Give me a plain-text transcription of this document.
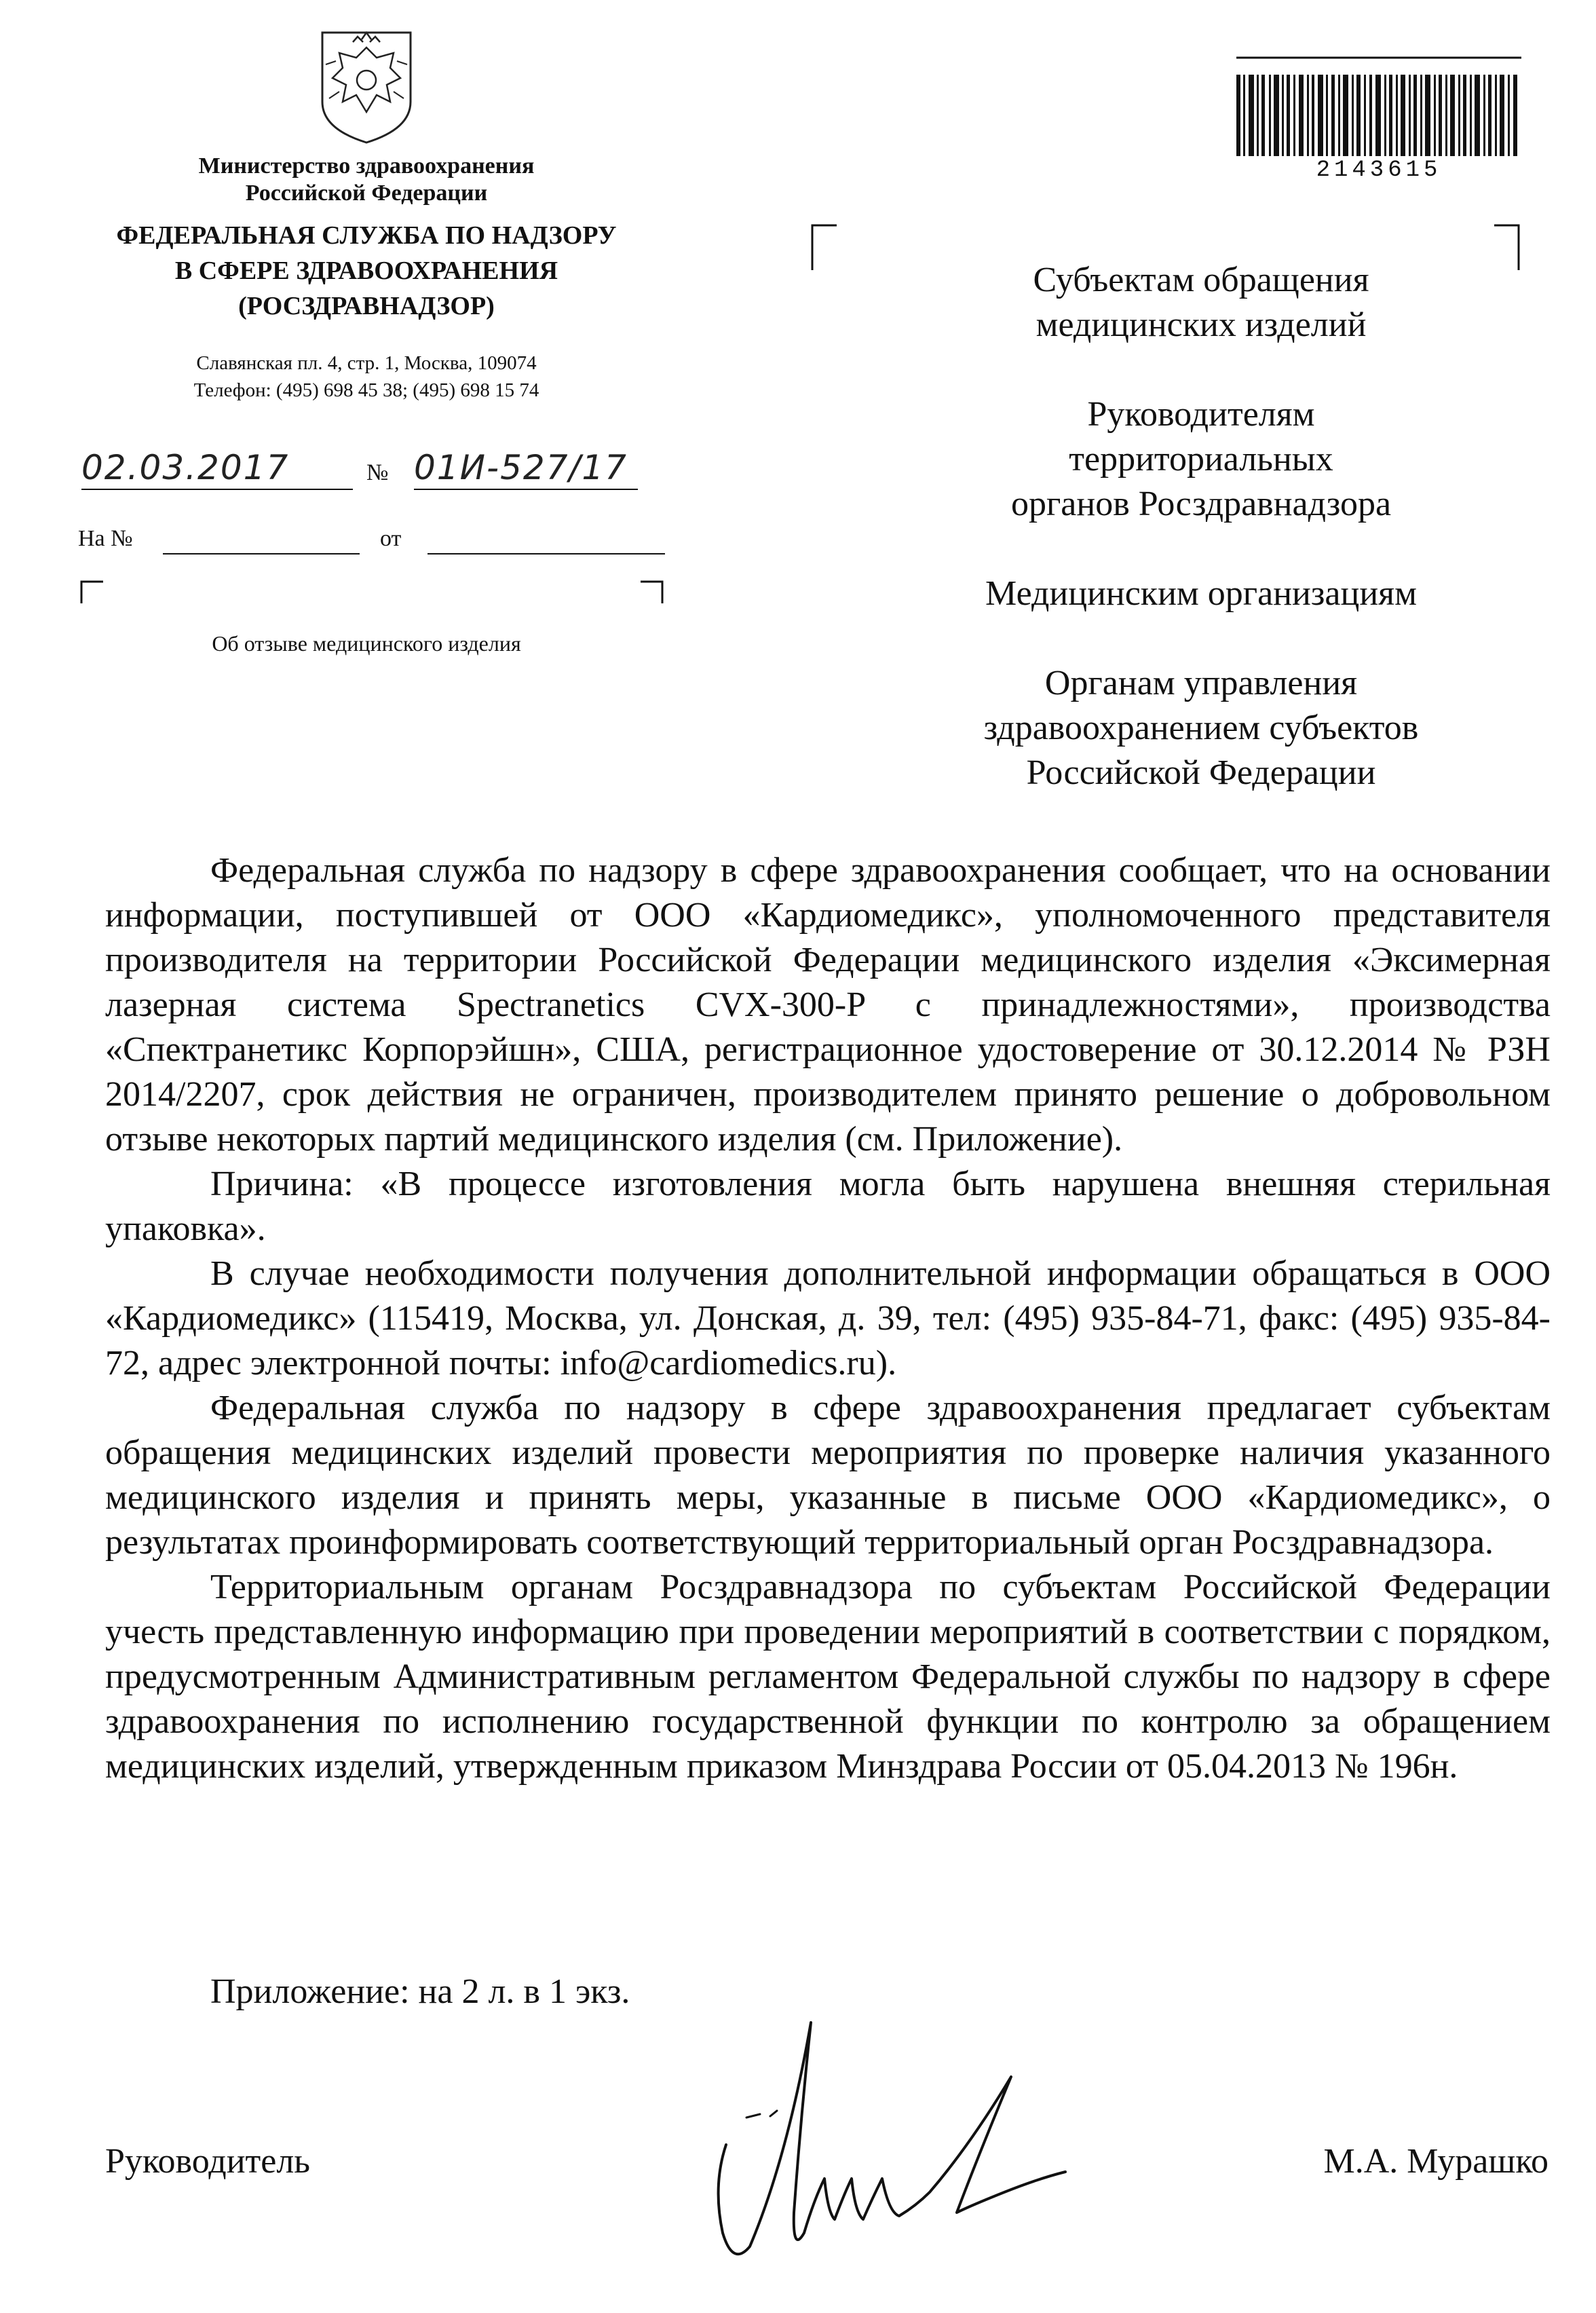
Министерство здравоохранения
Российской Федерации
ФЕДЕРАЛЬНАЯ СЛУЖБА ПО НАДЗОРУ
В СФЕРЕ ЗДРАВООХРАНЕНИЯ
(РОСЗДРАВНАДЗОР)
Славянская пл. 4, стр. 1, Москва, 109074
Телефон: (495) 698 45 38; (495) 698 15 74
02.03.2017	№ 01И-527/17
На №	от
Об отзыве медицинского изделия
2143615

Субъектам обращения
медицинских изделий

Руководителям
территориальных
органов Росздравнадзора

Медицинским организациям

Органам управления
здравоохранением субъектов
Российской Федерации

Федеральная служба по надзору в сфере здравоохранения сообщает, что на основании информации, поступившей от ООО «Кардиомедикс», уполномоченного представителя производителя на территории Российской Федерации медицинского изделия «Эксимерная лазерная система Spectranetics CVX-300-P с принадлежностями», производства «Спектранетикс Корпорэйшн», США, регистрационное удостоверение от 30.12.2014 № РЗН 2014/2207, срок действия не ограничен, производителем принято решение о добровольном отзыве некоторых партий медицинского изделия (см. Приложение).

Причина: «В процессе изготовления могла быть нарушена внешняя стерильная упаковка».

В случае необходимости получения дополнительной информации обращаться в ООО «Кардиомедикс» (115419, Москва, ул. Донская, д. 39, тел: (495) 935-84-71, факс: (495) 935-84-72, адрес электронной почты: info@cardiomedics.ru).

Федеральная служба по надзору в сфере здравоохранения предлагает субъектам обращения медицинских изделий провести мероприятия по проверке наличия указанного медицинского изделия и принять меры, указанные в письме ООО «Кардиомедикс», о результатах проинформировать соответствующий территориальный орган Росздравнадзора.

Территориальным органам Росздравнадзора по субъектам Российской Федерации учесть представленную информацию при проведении мероприятий в соответствии с порядком, предусмотренным Административным регламентом Федеральной службы по надзору в сфере здравоохранения по исполнению государственной функции по контролю за обращением медицинских изделий, утвержденным приказом Минздрава России от 05.04.2013 № 196н.

Приложение: на 2 л. в 1 экз.
Руководитель	М.А. Мурашко
